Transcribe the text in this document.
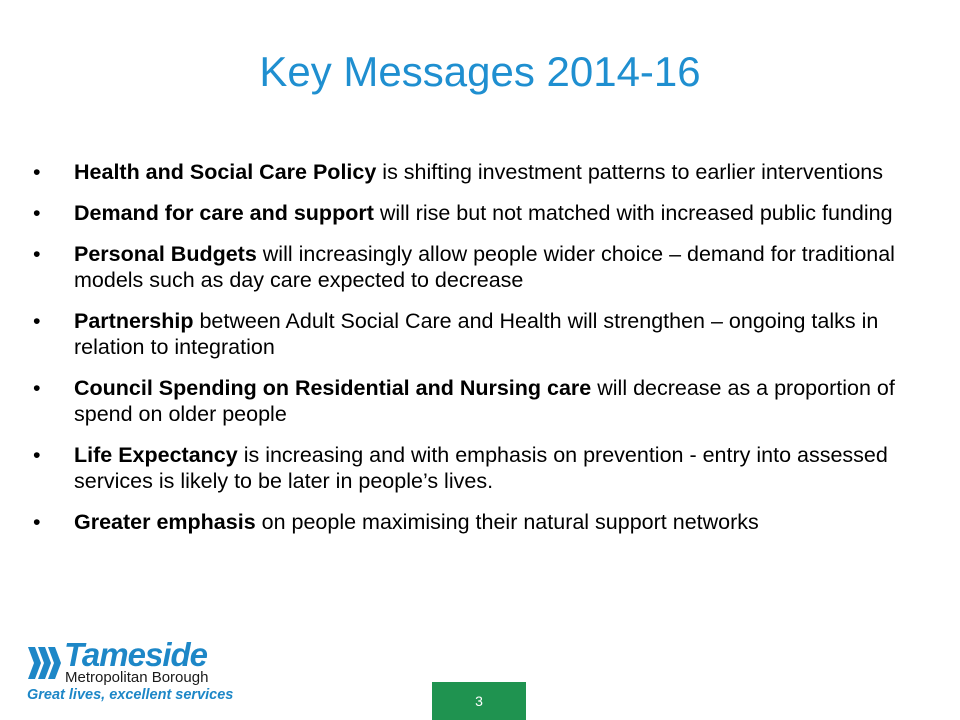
Key Messages 2014-16
•	Health and Social Care Policy is shifting investment patterns to earlier interventions
•	Demand for care and support will rise but not matched with increased public funding
•	Personal Budgets will increasingly allow people wider choice – demand for traditional models such as day care expected to decrease
•	Partnership between Adult Social Care and Health will strengthen – ongoing talks in relation to integration
•	Council Spending on Residential and Nursing care will decrease as a proportion of spend on older people
•	Life Expectancy is increasing and with emphasis on prevention - entry into assessed services is likely to be later in people’s lives.
•	Greater emphasis on people maximising their natural support networks
Tameside
Metropolitan Borough
Great lives, excellent services	3
